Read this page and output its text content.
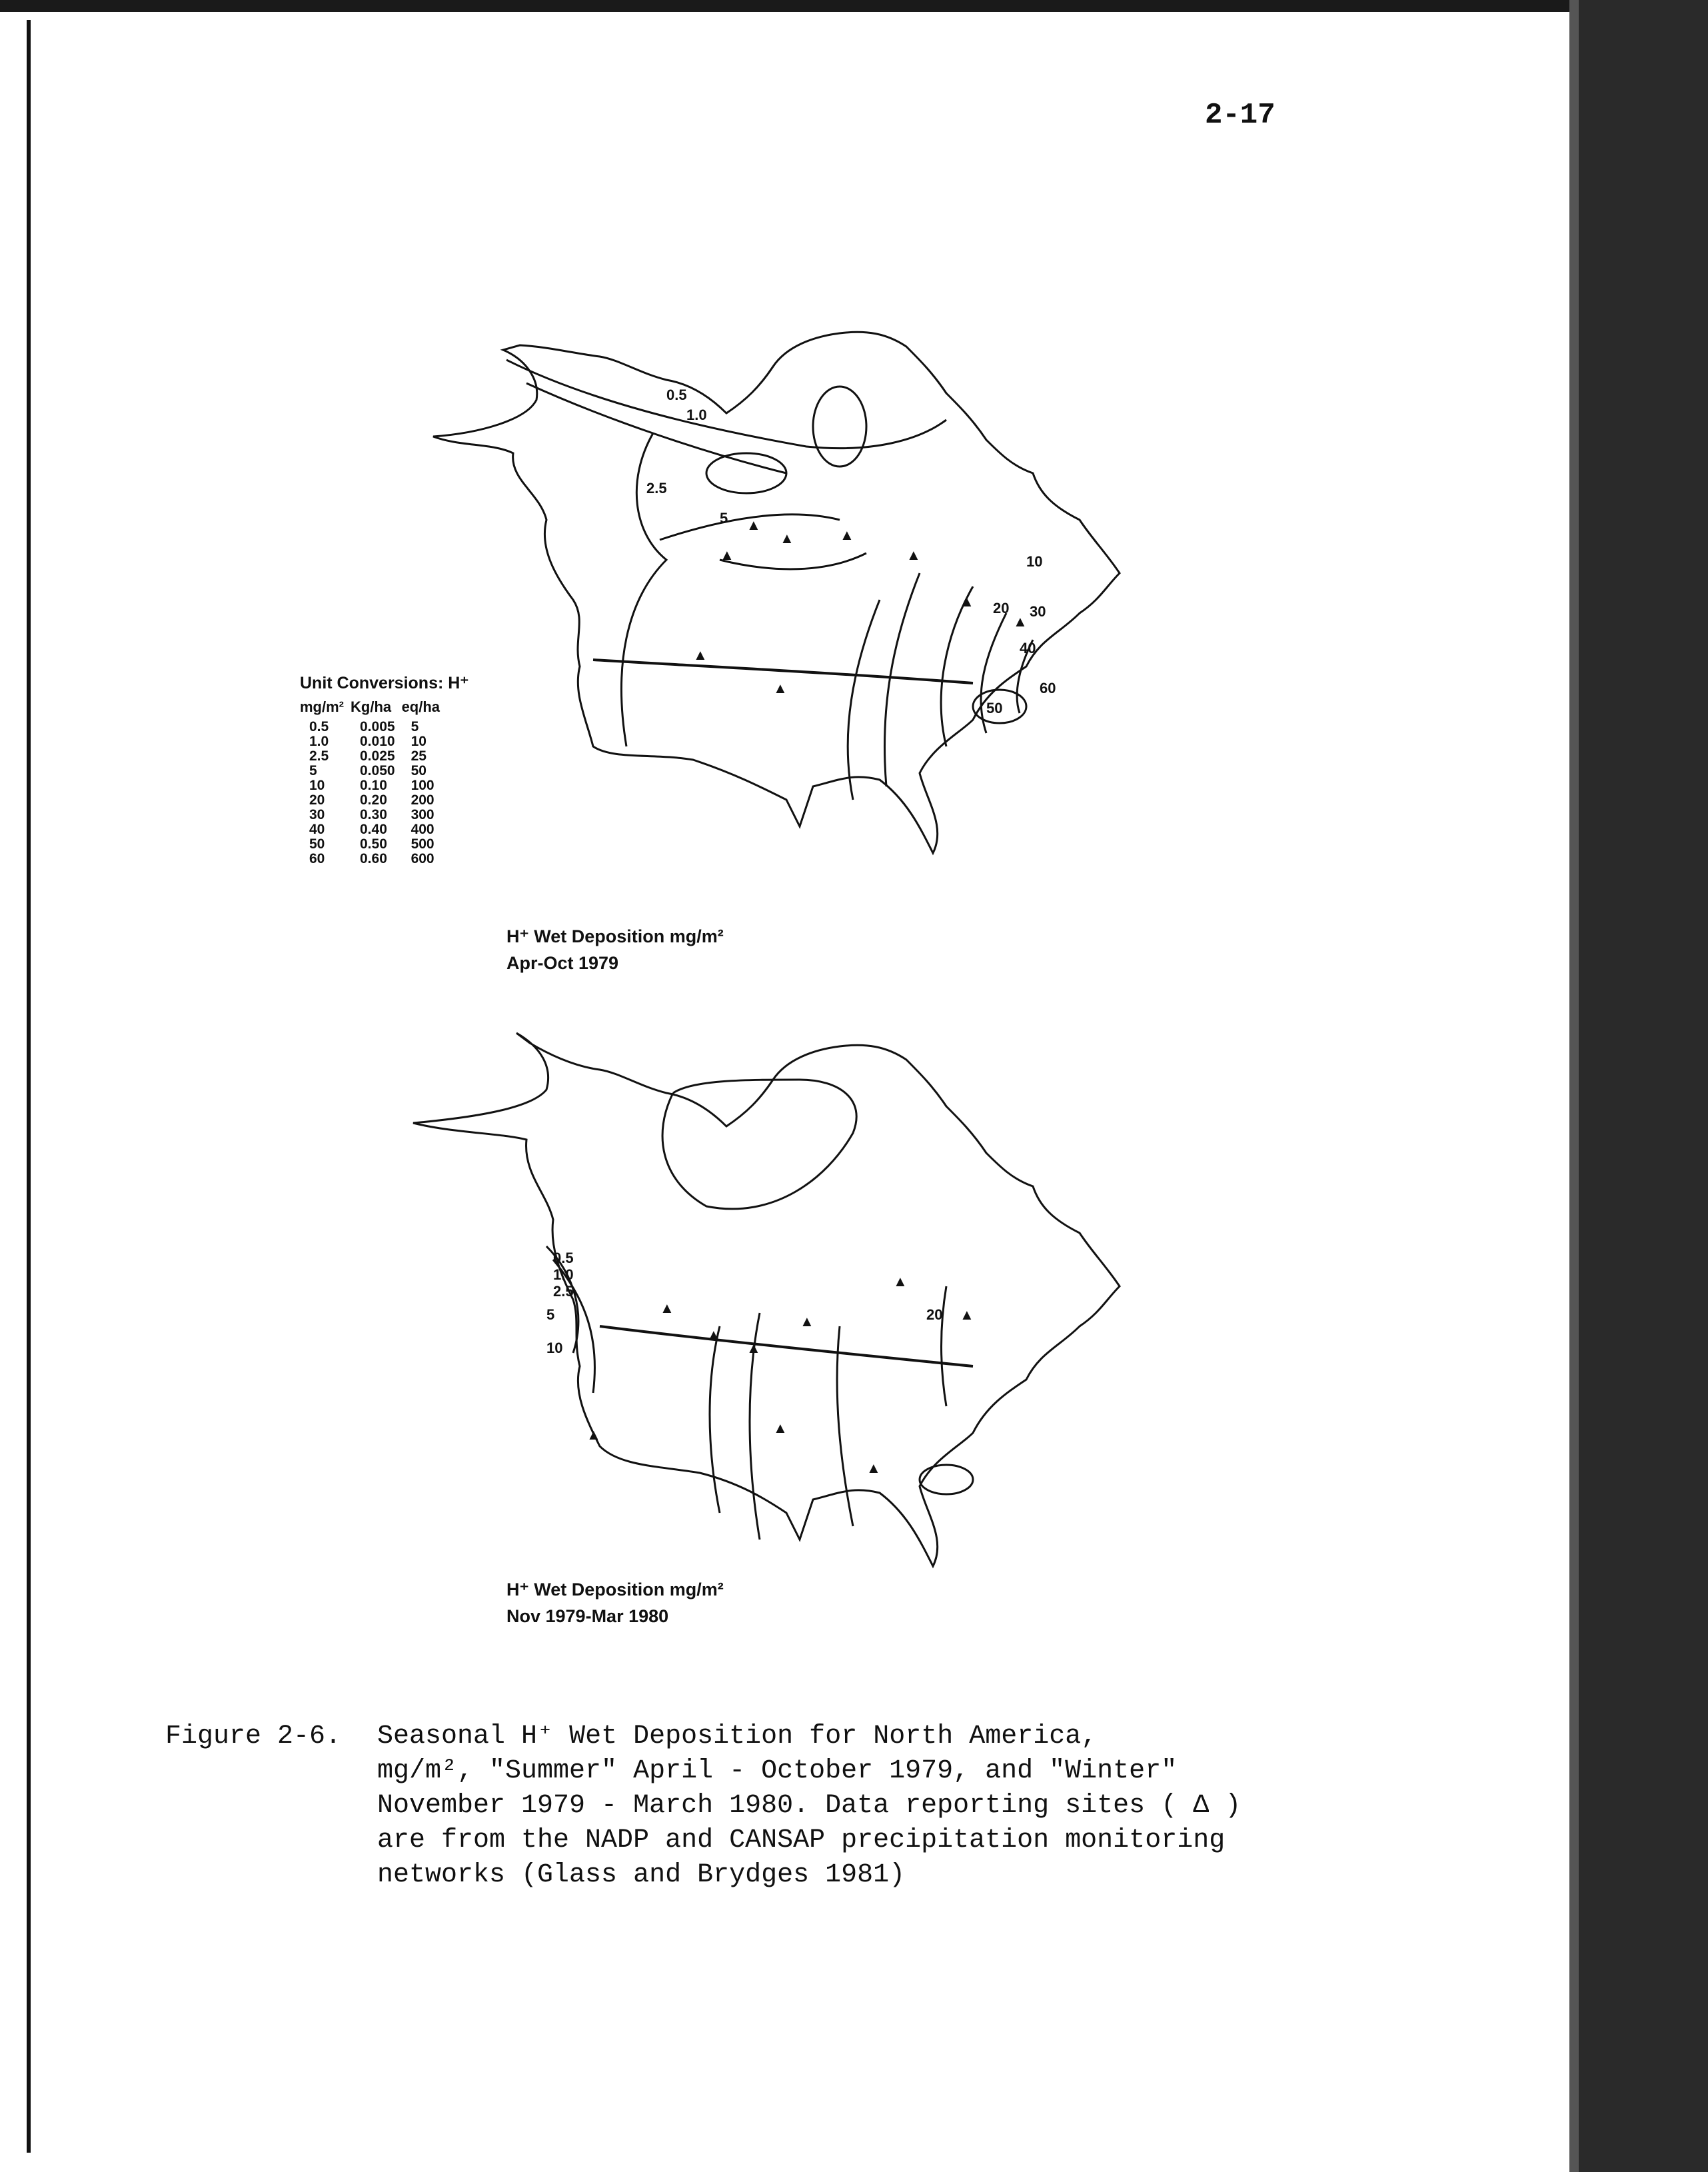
2-17
▲
▲
▲
▲
▲
▲
▲
▲
▲
0.5
1.0
2.5
5
10
20 30
40
50
60
H⁺ Wet Deposition mg/m²
Apr-Oct 1979
Unit Conversions: H⁺
mg/m²	Kg/ha	eq/ha
0.5	0.005	5
1.0	0.010	10
2.5	0.025	25
5	0.050	50
10	0.10	100
20	0.20	200
30	0.30	300
40	0.40	400
50	0.50	500
60	0.60	600
▲
▲
▲
▲
▲
▲
▲
▲
▲
0.5
1.0
2.5
5
10
20
H⁺ Wet Deposition mg/m²
Nov 1979-Mar 1980
Figure 2-6. Seasonal H⁺ Wet Deposition for North America,
mg/m², "Summer" April - October 1979, and "Winter"
November 1979 - March 1980. Data reporting sites ( Δ )
are from the NADP and CANSAP precipitation monitoring
networks (Glass and Brydges 1981)
